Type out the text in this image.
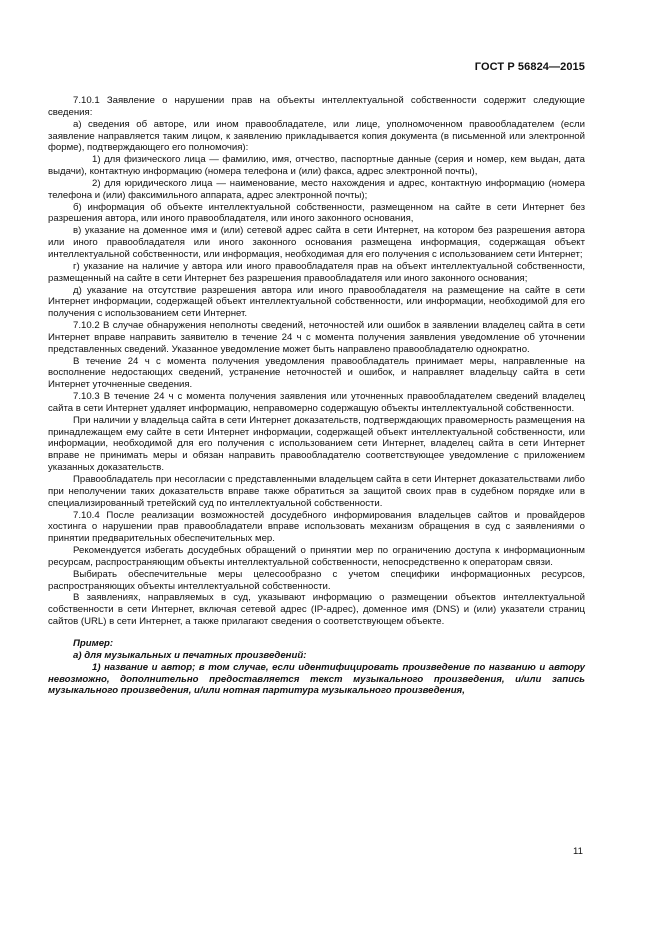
ГОСТ Р 56824—2015

7.10.1 Заявление о нарушении прав на объекты интеллектуальной собственности содержит следующие сведения:

а) сведения об авторе, или ином правообладателе, или лице, уполномоченном правообладателем (если заявление направляется таким лицом, к заявлению прикладывается копия документа (в письменной или электронной форме), подтверждающего его полномочия):

1) для физического лица — фамилию, имя, отчество, паспортные данные (серия и номер, кем выдан, дата выдачи), контактную информацию (номера телефона и (или) факса, адрес электронной почты),

2) для юридического лица — наименование, место нахождения и адрес, контактную информацию (номера телефона и (или) факсимильного аппарата, адрес электронной почты);

б) информация об объекте интеллектуальной собственности, размещенном на сайте в сети Интернет без разрешения автора, или иного правообладателя, или иного законного основания,

в) указание на доменное имя и (или) сетевой адрес сайта в сети Интернет, на котором без разрешения автора или иного правообладателя или иного законного основания размещена информация, содержащая объект интеллектуальной собственности, или информация, необходимая для его получения с использованием сети Интернет;

г) указание на наличие у автора или иного правообладателя прав на объект интеллектуальной собственности, размещенный на сайте в сети Интернет без разрешения правообладателя или иного законного основания;

д) указание на отсутствие разрешения автора или иного правообладателя на размещение на сайте в сети Интернет информации, содержащей объект интеллектуальной собственности, или информации, необходимой для его получения с использованием сети Интернет.

7.10.2 В случае обнаружения неполноты сведений, неточностей или ошибок в заявлении владелец сайта в сети Интернет вправе направить заявителю в течение 24 ч с момента получения заявления уведомление об уточнении представленных сведений. Указанное уведомление может быть направлено правообладателю однократно.

В течение 24 ч с момента получения уведомления правообладатель принимает меры, направленные на восполнение недостающих сведений, устранение неточностей и ошибок, и направляет владельцу сайта в сети Интернет уточненные сведения.

7.10.3 В течение 24 ч с момента получения заявления или уточненных правообладателем сведений владелец сайта в сети Интернет удаляет информацию, неправомерно содержащую объекты интеллектуальной собственности.

При наличии у владельца сайта в сети Интернет доказательств, подтверждающих правомерность размещения на принадлежащем ему сайте в сети Интернет информации, содержащей объект интеллектуальной собственности, или информации, необходимой для его получения с использованием сети Интернет, владелец сайта в сети Интернет вправе не принимать меры и обязан направить правообладателю соответствующее уведомление с приложением указанных доказательств.

Правообладатель при несогласии с представленными владельцем сайта в сети Интернет доказательствами либо при неполучении таких доказательств вправе также обратиться за защитой своих прав в судебном порядке или в специализированный третейский суд по интеллектуальной собственности.

7.10.4 После реализации возможностей досудебного информирования владельцев сайтов и провайдеров хостинга о нарушении прав правообладатели вправе использовать механизм обращения в суд с заявлениями о принятии предварительных обеспечительных мер.

Рекомендуется избегать досудебных обращений о принятии мер по ограничению доступа к информационным ресурсам, распространяющим объекты интеллектуальной собственности, непосредственно к операторам связи.

Выбирать обеспечительные меры целесообразно с учетом специфики информационных ресурсов, распространяющих объекты интеллектуальной собственности.

В заявлениях, направляемых в суд, указывают информацию о размещении объектов интеллектуальной собственности в сети Интернет, включая сетевой адрес (IP-адрес), доменное имя (DNS) и (или) указатели страниц сайтов (URL) в сети Интернет, а также прилагают сведения о соответствующем объекте.

Пример:

а) для музыкальных и печатных произведений:

1) название и автор; в том случае, если идентифицировать произведение по названию и автору невозможно, дополнительно предоставляется текст музыкального произведения, и/или запись музыкального произведения, и/или нотная партитура музыкального произведения,

11
